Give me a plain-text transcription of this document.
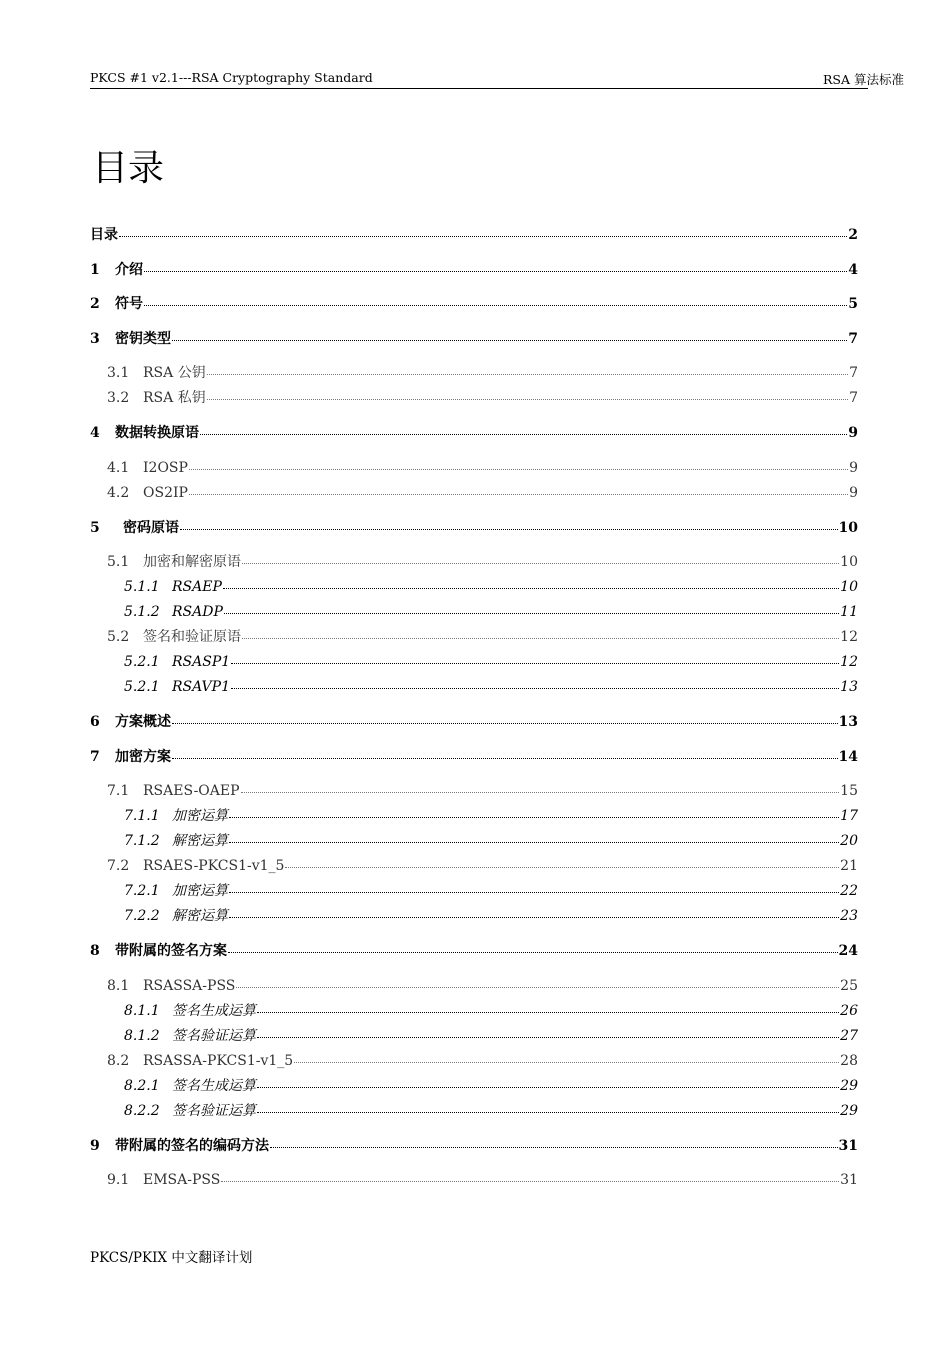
PKCS #1 v2.1---RSA Cryptography Standard	RSA 算法标准
目录
目录	2
1	介绍	4
2	符号	5
3	密钥类型	7
3.1 RSA 公钥	7
3.2 RSA 私钥	7
4	数据转换原语	9
4.1 I2OSP	9
4.2 OS2IP	9
5	密码原语	10
5.1 加密和解密原语	10
5.1.1 RSAEP	10
5.1.2 RSADP	11
5.2 签名和验证原语	12
5.2.1 RSASP1	12
5.2.1 RSAVP1	13
6	方案概述	13
7	加密方案	14
7.1 RSAES-OAEP	15
7.1.1 加密运算	17
7.1.2 解密运算	20
7.2 RSAES-PKCS1-v1_5	21
7.2.1 加密运算	22
7.2.2 解密运算	23
8	带附属的签名方案	24
8.1 RSASSA-PSS	25
8.1.1 签名生成运算	26
8.1.2 签名验证运算	27
8.2 RSASSA-PKCS1-v1_5	28
8.2.1 签名生成运算	29
8.2.2 签名验证运算	29
9	带附属的签名的编码方法	31
9.1 EMSA-PSS	31
PKCS/PKIX 中文翻译计划
